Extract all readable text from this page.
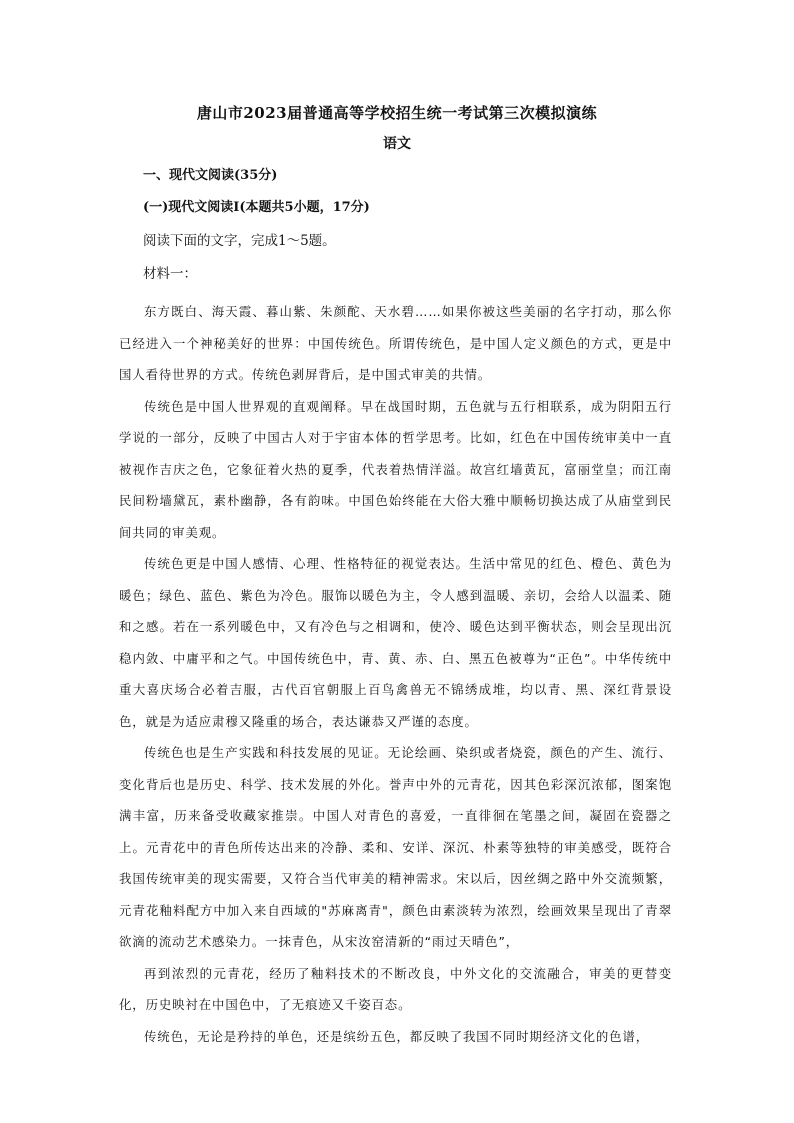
唐山市2023届普通高等学校招生统一考试第三次模拟演练
语文
一、现代文阅读(35分)
(一)现代文阅读Ⅰ(本题共5小题，17分)
阅读下面的文字，完成1～5题。
材料一：

东方既白、海天霞、暮山紫、朱颜酡、天水碧……如果你被这些美丽的名字打动，那么你已经进入一个神秘美好的世界：中国传统色。所谓传统色，是中国人定义颜色的方式，更是中国人看待世界的方式。传统色剥屏背后，是中国式审美的共情。

传统色是中国人世界观的直观阐释。早在战国时期，五色就与五行相联系，成为阴阳五行学说的一部分，反映了中国古人对于宇宙本体的哲学思考。比如，红色在中国传统审美中一直被视作吉庆之色，它象征着火热的夏季，代表着热情洋溢。故宫红墙黄瓦，富丽堂皇；而江南民间粉墙黛瓦，素朴幽静，各有韵味。中国色始终能在大俗大雅中顺畅切换达成了从庙堂到民间共同的审美观。

传统色更是中国人感情、心理、性格特征的视觉表达。生活中常见的红色、橙色、黄色为暖色；绿色、蓝色、紫色为冷色。服饰以暖色为主，令人感到温暖、亲切，会给人以温柔、随和之感。若在一系列暖色中，又有冷色与之相调和，使冷、暖色达到平衡状态，则会呈现出沉稳内敛、中庸平和之气。中国传统色中，青、黄、赤、白、黑五色被尊为“正色”。中华传统中重大喜庆场合必着吉服，古代百官朝服上百鸟禽兽无不锦绣成堆，均以青、黑、深红背景设色，就是为适应肃穆又隆重的场合，表达谦恭又严谨的态度。

传统色也是生产实践和科技发展的见证。无论绘画、染织或者烧瓷，颜色的产生、流行、变化背后也是历史、科学、技术发展的外化。誉声中外的元青花，因其色彩深沉浓郁，图案饱满丰富，历来备受收藏家推崇。中国人对青色的喜爱，一直徘徊在笔墨之间，凝固在瓷器之上。元青花中的青色所传达出来的冷静、柔和、安详、深沉、朴素等独特的审美感受，既符合我国传统审美的现实需要，又符合当代审美的精神需求。宋以后，因丝绸之路中外交流频繁，元青花釉料配方中加入来自西域的"苏麻离青"，颜色由素淡转为浓烈，绘画效果呈现出了青翠欲滴的流动艺术感染力。一抹青色，从宋汝窑清新的“雨过天晴色”，

再到浓烈的元青花，经历了釉料技术的不断改良，中外文化的交流融合，审美的更替变化，历史映衬在中国色中，了无痕迹又千姿百态。

传统色，无论是矜持的单色，还是缤纷五色，都反映了我国不同时期经济文化的色谱，
